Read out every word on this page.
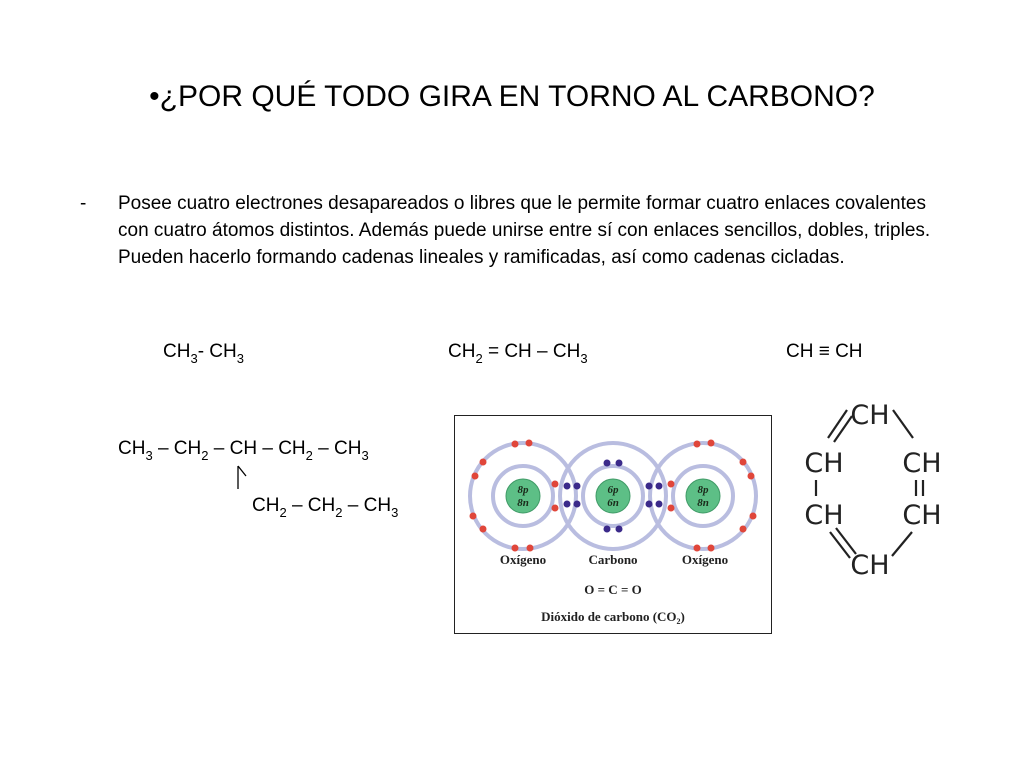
•¿POR QUÉ TODO GIRA EN TORNO AL CARBONO?
- Posee cuatro electrones desapareados o libres que le permite formar cuatro enlaces covalentes con cuatro átomos distintos. Además puede unirse entre sí con enlaces sencillos, dobles, triples. Pueden hacerlo formando cadenas lineales y ramificadas, así como cadenas cicladas.
$CH_3-$ $CH_3$	$CH_2$ = CH – $CH_3$	CH ≡ CH
$CH_3 - CH_2$ – CH – $CH_2 - CH_3$
$CH_2 - CH_2 - CH_3$
8p
8n
6p
6n
8p
8n
Oxígeno	Carbono	Oxígeno
O = C = O
Dióxido de carbono $(CO_2)$
CH
CH CH
CH CH
CH
